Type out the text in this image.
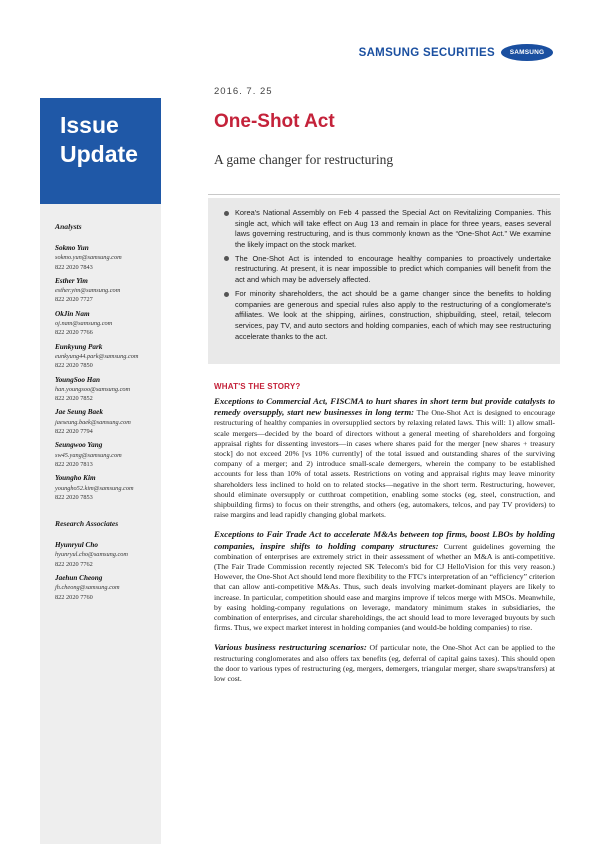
SAMSUNG SECURITIES	SAMSUNG
2016. 7. 25
Issue
Update
Analysts
Sokmo Yun
sokmo.yun@samsung.com
822 2020 7843
Esther Yim
esther.yim@samsung.com
822 2020 7727
OkJin Nam
oj.nam@samsung.com
822 2020 7766
Eunkyung Park
eunkyung44.park@samsung.com
822 2020 7850
YoungSoo Han
han.youngsoo@samsung.com
822 2020 7852
Jae Seung Baek
jaeseung.baek@samsung.com
822 2020 7794
Seungwoo Yang
sw45.yang@samsung.com
822 2020 7813
Youngho Kim
youngho52.kim@samsung.com
822 2020 7853
Research Associates
Hyunryul Cho
hyunryul.cho@samsung.com
822 2020 7762
Jaehun Cheong
jh.cheong@samsung.com
822 2020 7760
One-Shot Act
A game changer for restructuring
Korea's National Assembly on Feb 4 passed the Special Act on Revitalizing Companies. This single act, which will take effect on Aug 13 and remain in place for three years, eases several laws governing restructuring, and is thus commonly known as the “One-Shot Act.” We examine the likely impact on the stock market.
The One-Shot Act is intended to encourage healthy companies to proactively undertake restructuring. At present, it is near impossible to predict which companies will benefit from the act and which may be adversely affected.
For minority shareholders, the act should be a game changer since the benefits to holding companies are generous and special rules also apply to the restructuring of a conglomerate's affiliates. We look at the shipping, airlines, construction, shipbuilding, steel, retail, telecom services, pay TV, and auto sectors and holding companies, each of which may see restructuring accelerate thanks to the act.
WHAT'S THE STORY?

Exceptions to Commercial Act, FISCMA to hurt shares in short term but provide catalysts to remedy oversupply, start new businesses in long term: The One-Shot Act is designed to encourage restructuring of healthy companies in oversupplied sectors by relaxing related laws. This will: 1) allow small-scale mergers—decided by the board of directors without a general meeting of shareholders and forgoing appraisal rights for dissenting investors—in cases where shares paid for the merger [new shares + treasury stock] do not exceed 20% [vs 10% currently] of the total issued and outstanding shares of the surviving company of a merger; and 2) introduce small-scale demergers, wherein the company to be established accounts for less than 10% of total assets. Restrictions on voting and appraisal rights may leave minority shareholders less inclined to hold on to related stocks—negative in the short term. Restructuring, however, should eliminate oversupply or cutthroat competition, enabling some stocks (eg, steel, construction, and shipbuilding firms) to focus on their strengths, and others (eg, automakers, telcos, and pay TV providers) to raise margins and lead rapidly changing global markets.

Exceptions to Fair Trade Act to accelerate M&As between top firms, boost LBOs by holding companies, inspire shifts to holding company structures: Current guidelines governing the combination of enterprises are extremely strict in their assessment of whether an M&A is anti-competitive. (The Fair Trade Commission recently rejected SK Telecom's bid for CJ HelloVision for this very reason.) However, the One-Shot Act should lend more flexibility to the FTC's interpretation of an “efficiency” criterion that can allow anti-competitive M&As. Thus, such deals involving market-dominant players are likely to increase. In particular, competition should ease and margins improve if telcos merge with MSOs. Meanwhile, by easing holding-company regulations on leverage, mandatory minimum stakes in subsidiaries, the combination of enterprises, and circular shareholdings, the act should lead to more leveraged buyouts by such firms. Thus, we expect market interest in holding companies (and would-be holding companies) to rise.

Various business restructuring scenarios: Of particular note, the One-Shot Act can be applied to the restructuring conglomerates and also offers tax benefits (eg, deferral of capital gains taxes). This should open the door to various types of restructuring (eg, mergers, demergers, triangular merger, share swaps/transfers) at low cost.
